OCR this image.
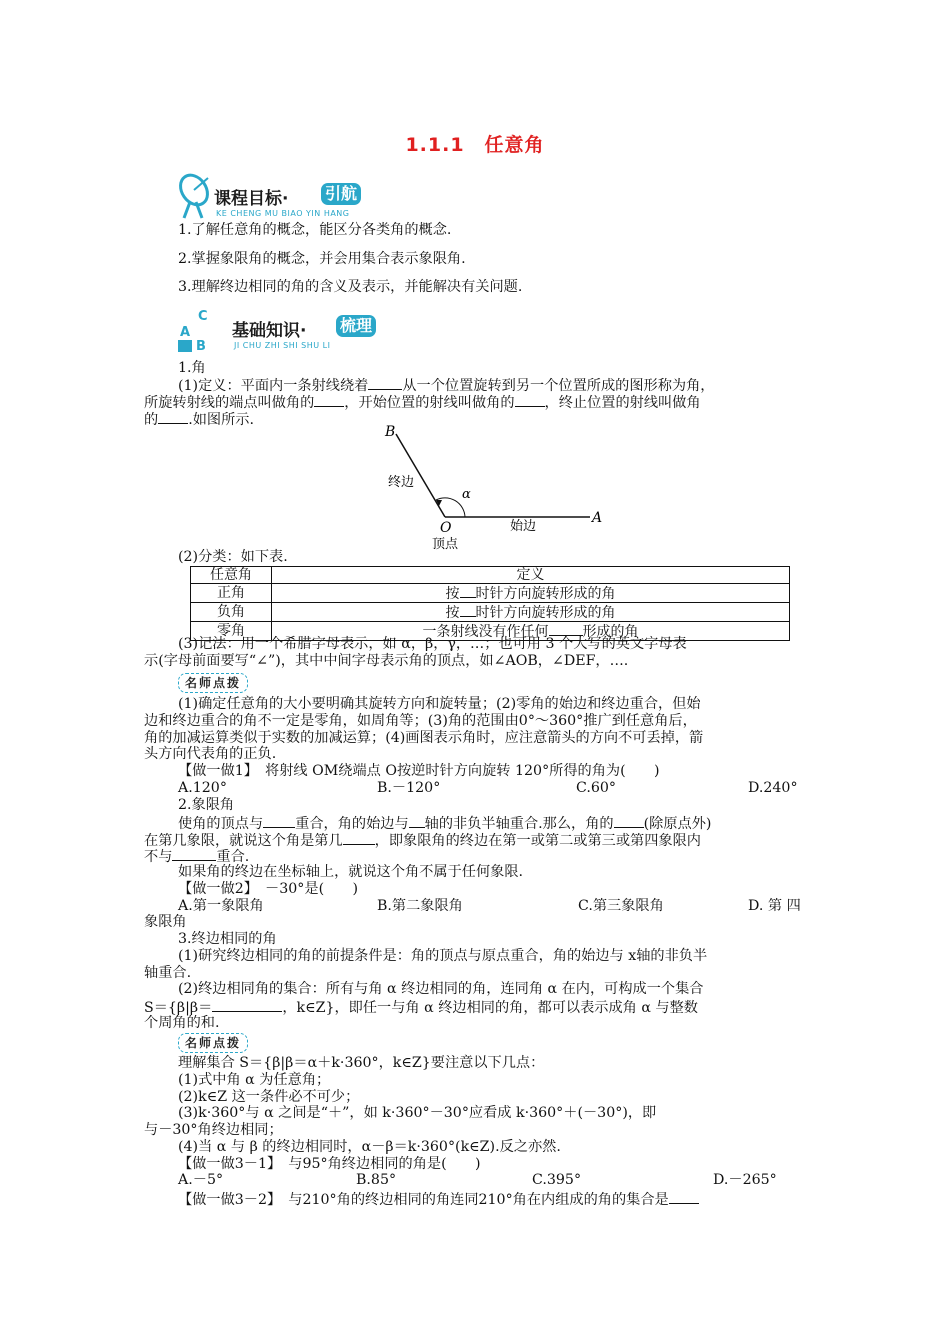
1.1.1　任意角
课程目标· 引航
KE CHENG MU BIAO YIN HANG
1.了解任意角的概念，能区分各类角的概念.
2.掌握象限角的概念，并会用集合表示象限角.
3.理解终边相同的角的含义及表示，并能解决有关问题.
C
A
B
基础知识· 梳理
JI CHU ZHI SHI SHU LI
1.角
(1)定义：平面内一条射线绕着 从一个位置旋转到另一个位置所成的图形称为角，
所旋转射线的端点叫做角的 ，开始位置的射线叫做角的 ，终止位置的射线叫做角
的 .如图所示.
B
A
O
α
终边
始边
顶点
(2)分类：如下表.
任意角	定义
正角	按 时针方向旋转形成的角
负角	按 时针方向旋转形成的角
零角	一条射线没有作任何 形成的角
(3)记法：用一个希腊字母表示，如 α，β，γ，…；也可用 3 个大写的英文字母表
示(字母前面要写“∠”)，其中中间字母表示角的顶点，如∠AOB，∠DEF，….
名师点拨
(1)确定任意角的大小要明确其旋转方向和旋转量；(2)零角的始边和终边重合，但始
边和终边重合的角不一定是零角，如周角等；(3)角的范围由0°～360°推广到任意角后，
角的加减运算类似于实数的加减运算；(4)画图表示角时，应注意箭头的方向不可丢掉，箭
头方向代表角的正负.
【做一做1】　将射线 OM绕端点 O按逆时针方向旋转 120°所得的角为(　　)
A.120°	B.－120°	C.60°	D.240°
2.象限角
使角的顶点与 重合，角的始边与 轴的非负半轴重合.那么，角的 (除原点外)
在第几象限，就说这个角是第几 ，即象限角的终边在第一或第二或第三或第四象限内
不与	重合.
如果角的终边在坐标轴上，就说这个角不属于任何象限.
【做一做2】　－30°是(　　)
A.第一象限角	B.第二象限角	C.第三象限角	D. 第 四
象限角
3.终边相同的角
(1)研究终边相同的角的前提条件是：角的顶点与原点重合，角的始边与 x轴的非负半
轴重合.
(2)终边相同角的集合：所有与角 α 终边相同的角，连同角 α 在内，可构成一个集合
S＝{β|β＝	，k∈Z}，即任一与角 α 终边相同的角，都可以表示成角 α 与整数
个周角的和.
名师点拨
理解集合 S＝{β|β＝α＋k·360°，k∈Z}要注意以下几点：
(1)式中角 α 为任意角；
(2)k∈Z 这一条件必不可少；
(3)k·360°与 α 之间是“＋”，如 k·360°－30°应看成 k·360°＋(－30°)，即
与－30°角终边相同；
(4)当 α 与 β 的终边相同时，α－β＝k·360°(k∈Z).反之亦然.
【做一做3－1】　与95°角终边相同的角是(　　)
A.－5°	B.85°	C.395°	D.－265°
【做一做3－2】　与210°角的终边相同的角连同210°角在内组成的角的集合是
